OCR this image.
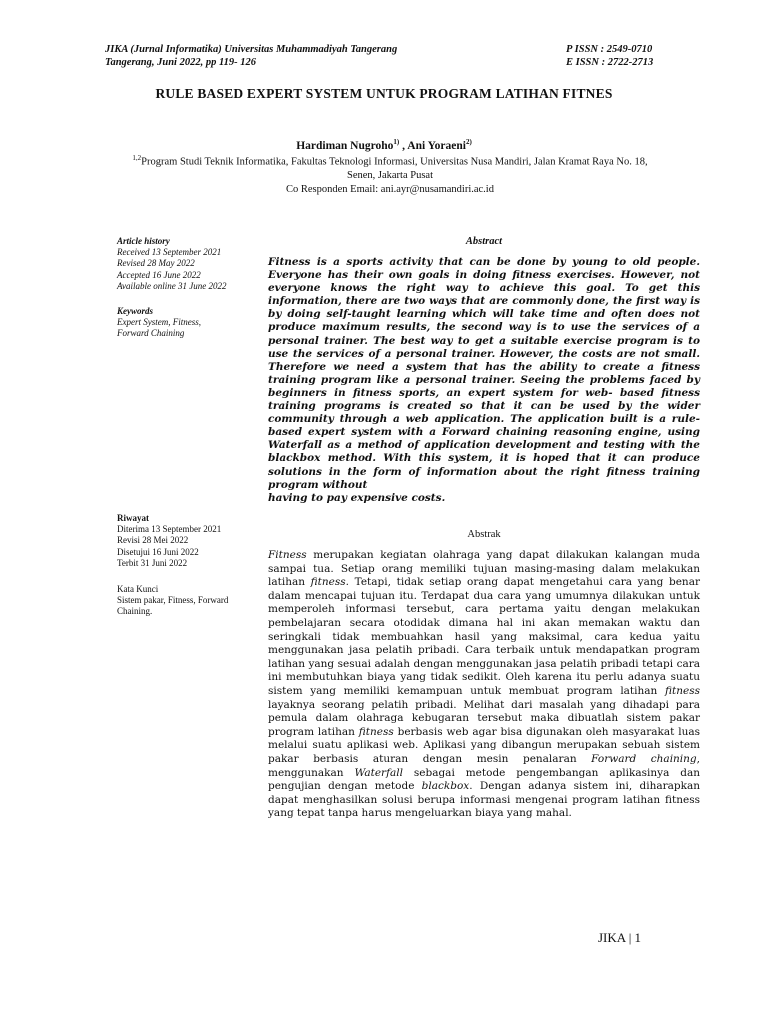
JIKA (Jurnal Informatika) Universitas Muhammadiyah Tangerang
Tangerang, Juni 2022, pp 119- 126
P ISSN : 2549-0710
E ISSN : 2722-2713
RULE BASED EXPERT SYSTEM UNTUK PROGRAM LATIHAN FITNES
Hardiman Nugroho$^{1)}$ , Ani Yoraeni$^{2)}$
$^{1,2}$Program Studi Teknik Informatika, Fakultas Teknologi Informasi, Universitas Nusa Mandiri, Jalan Kramat Raya No. 18,
Senen, Jakarta Pusat
Co Responden Email: ani.ayr@nusamandiri.ac.id
Article history
Received 13 September 2021
Revised 28 May 2022
Accepted 16 June 2022
Available online 31 June 2022
Keywords
Expert System, Fitness,
Forward Chaining
Riwayat
Diterima 13 September 2021
Revisi 28 Mei 2022
Disetujui 16 Juni 2022
Terbit 31 Juni 2022
Kata Kunci
Sistem pakar, Fitness, Forward
Chaining.
Abstract
Fitness is a sports activity that can be done by young to old people. Everyone has their own goals in doing fitness exercises. However, not everyone knows the right way to achieve this goal. To get this information, there are two ways that are commonly done, the first way is by doing self-taught learning which will take time and often does not produce maximum results, the second way is to use the services of a personal trainer. The best way to get a suitable exercise program is to use the services of a personal trainer. However, the costs are not small. Therefore we need a system that has the ability to create a fitness training program like a personal trainer. Seeing the problems faced by beginners in fitness sports, an expert system for web- based fitness training programs is created so that it can be used by the wider community through a web application. The application built is a rule- based expert system with a Forward chaining reasoning engine, using Waterfall as a method of application development and testing with the blackbox method. With this system, it is hoped that it can produce solutions in the form of information about the right fitness training program without
having to pay expensive costs.
Abstrak
Fitness merupakan kegiatan olahraga yang dapat dilakukan kalangan muda sampai tua. Setiap orang memiliki tujuan masing-masing dalam melakukan latihan fitness. Tetapi, tidak setiap orang dapat mengetahui cara yang benar dalam mencapai tujuan itu. Terdapat dua cara yang umumnya dilakukan untuk memperoleh informasi tersebut, cara pertama yaitu dengan melakukan pembelajaran secara otodidak dimana hal ini akan memakan waktu dan seringkali tidak membuahkan hasil yang maksimal, cara kedua yaitu menggunakan jasa pelatih pribadi. Cara terbaik untuk mendapatkan program latihan yang sesuai adalah dengan menggunakan jasa pelatih pribadi tetapi cara ini membutuhkan biaya yang tidak sedikit. Oleh karena itu perlu adanya suatu sistem yang memiliki kemampuan untuk membuat program latihan fitness layaknya seorang pelatih pribadi. Melihat dari masalah yang dihadapi para pemula dalam olahraga kebugaran tersebut maka dibuatlah sistem pakar program latihan fitness berbasis web agar bisa digunakan oleh masyarakat luas melalui suatu aplikasi web. Aplikasi yang dibangun merupakan sebuah sistem pakar berbasis aturan dengan mesin penalaran Forward chaining, menggunakan Waterfall sebagai metode pengembangan aplikasinya dan pengujian dengan metode blackbox. Dengan adanya sistem ini, diharapkan dapat menghasilkan solusi berupa informasi mengenai program latihan fitness yang tepat tanpa harus mengeluarkan biaya yang mahal.
JIKA | 1
